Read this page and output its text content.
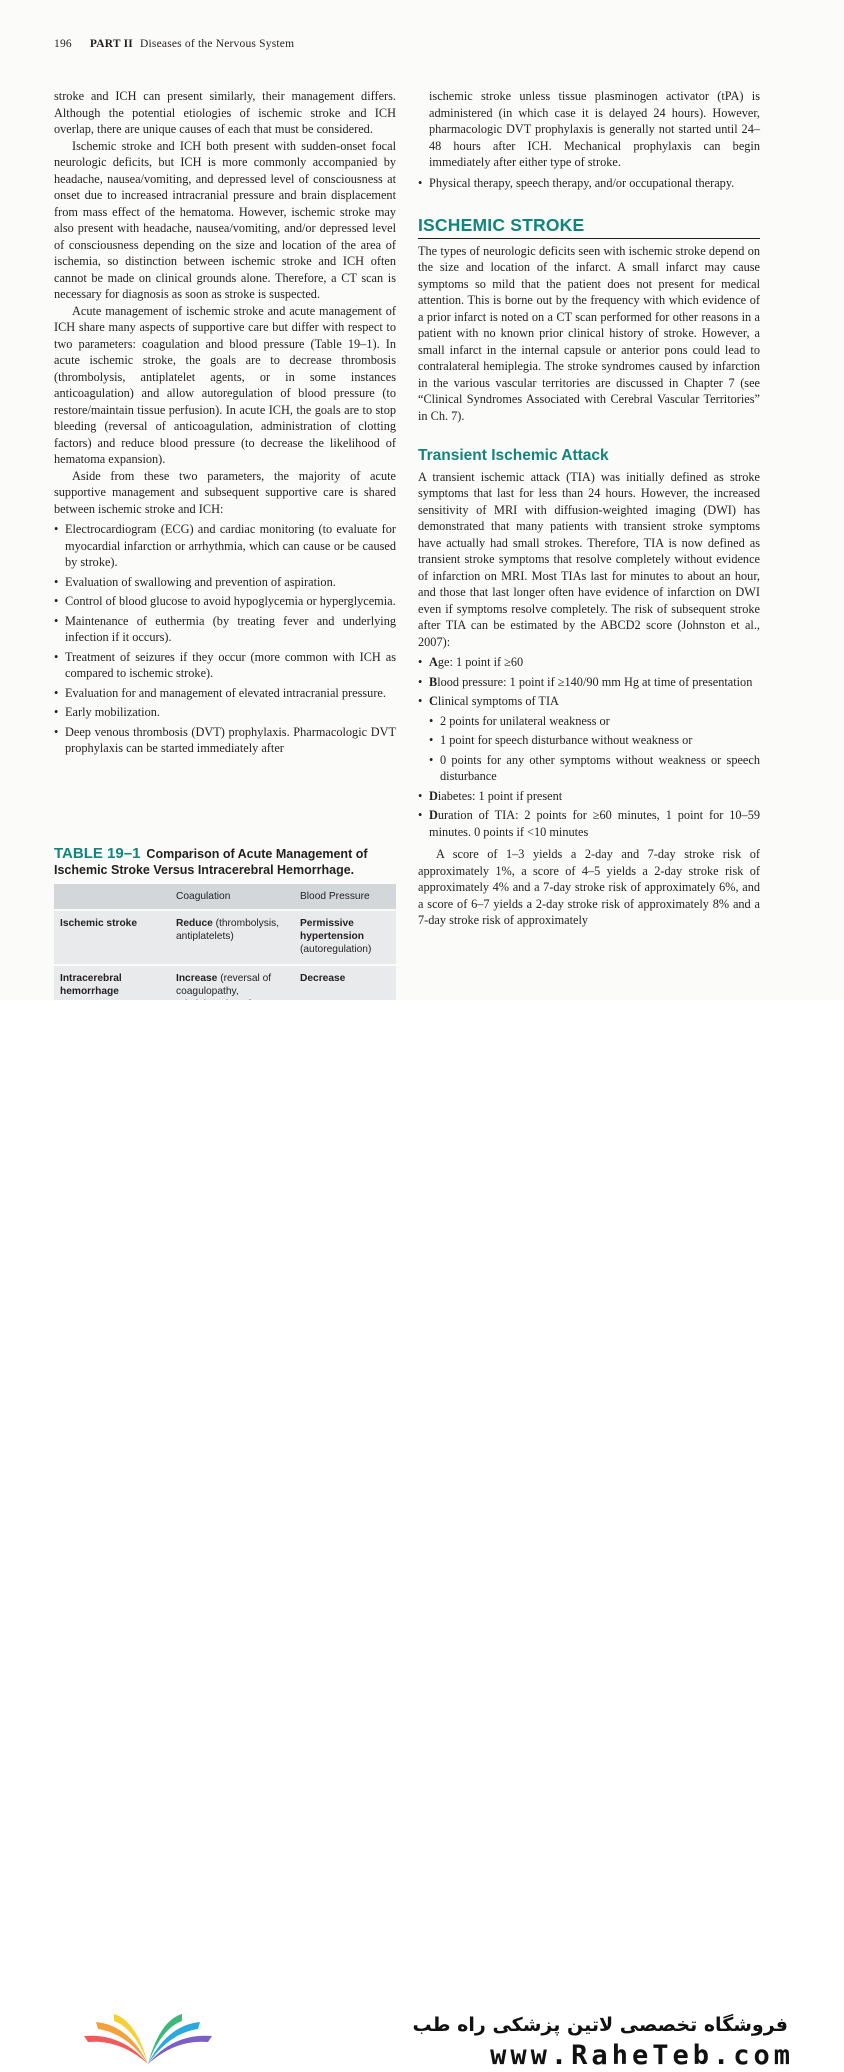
196 PART II Diseases of the Nervous System

stroke and ICH can present similarly, their management differs. Although the potential etiologies of ischemic stroke and ICH overlap, there are unique causes of each that must be considered.

Ischemic stroke and ICH both present with sudden-onset focal neurologic deficits, but ICH is more commonly accompanied by headache, nausea/vomiting, and depressed level of consciousness at onset due to increased intracranial pressure and brain displacement from mass effect of the hematoma. However, ischemic stroke may also present with headache, nausea/vomiting, and/or depressed level of consciousness depending on the size and location of the area of ischemia, so distinction between ischemic stroke and ICH often cannot be made on clinical grounds alone. Therefore, a CT scan is necessary for diagnosis as soon as stroke is suspected.

Acute management of ischemic stroke and acute management of ICH share many aspects of supportive care but differ with respect to two parameters: coagulation and blood pressure (Table 19–1). In acute ischemic stroke, the goals are to decrease thrombosis (thrombolysis, antiplatelet agents, or in some instances anticoagulation) and allow autoregulation of blood pressure (to restore/maintain tissue perfusion). In acute ICH, the goals are to stop bleeding (reversal of anticoagulation, administration of clotting factors) and reduce blood pressure (to decrease the likelihood of hematoma expansion).

Aside from these two parameters, the majority of acute supportive management and subsequent supportive care is shared between ischemic stroke and ICH:

• Electrocardiogram (ECG) and cardiac monitoring (to evaluate for myocardial infarction or arrhythmia, which can cause or be caused by stroke).
• Evaluation of swallowing and prevention of aspiration.
• Control of blood glucose to avoid hypoglycemia or hyperglycemia.
• Maintenance of euthermia (by treating fever and underlying infection if it occurs).
• Treatment of seizures if they occur (more common with ICH as compared to ischemic stroke).
• Evaluation for and management of elevated intracranial pressure.
• Early mobilization.
• Deep venous thrombosis (DVT) prophylaxis. Pharmacologic DVT prophylaxis can be started immediately after
TABLE 19–1 Comparison of Acute Management of Ischemic Stroke Versus Intracerebral Hemorrhage.
	Coagulation	Blood Pressure
Ischemic stroke	Reduce (thrombolysis, antiplatelets)	Permissive hypertension (autoregulation)
Intracerebral hemorrhage	Increase (reversal of coagulopathy,	Decrease

ischemic stroke unless tissue plasminogen activator (tPA) is administered (in which case it is delayed 24 hours). However, pharmacologic DVT prophylaxis is generally not started until 24–48 hours after ICH. Mechanical prophylaxis can begin immediately after either type of stroke.

• Physical therapy, speech therapy, and/or occupational therapy.
ISCHEMIC STROKE

The types of neurologic deficits seen with ischemic stroke depend on the size and location of the infarct. A small infarct may cause symptoms so mild that the patient does not present for medical attention. This is borne out by the frequency with which evidence of a prior infarct is noted on a CT scan performed for other reasons in a patient with no known prior clinical history of stroke. However, a small infarct in the internal capsule or anterior pons could lead to contralateral hemiplegia. The stroke syndromes caused by infarction in the various vascular territories are discussed in Chapter 7 (see “Clinical Syndromes Associated with Cerebral Vascular Territories” in Ch. 7).

Transient Ischemic Attack

A transient ischemic attack (TIA) was initially defined as stroke symptoms that last for less than 24 hours. However, the increased sensitivity of MRI with diffusion-weighted imaging (DWI) has demonstrated that many patients with transient stroke symptoms have actually had small strokes. Therefore, TIA is now defined as transient stroke symptoms that resolve completely without evidence of infarction on MRI. Most TIAs last for minutes to about an hour, and those that last longer often have evidence of infarction on DWI even if symptoms resolve completely. The risk of subsequent stroke after TIA can be estimated by the ABCD2 score (Johnston et al., 2007):

• Age: 1 point if ≥60
• Blood pressure: 1 point if ≥140/90 mm Hg at time of presentation
• Clinical symptoms of TIA
• 2 points for unilateral weakness or
• 1 point for speech disturbance without weakness or
• 0 points for any other symptoms without weakness or speech disturbance
• Diabetes: 1 point if present
• Duration of TIA: 2 points for ≥60 minutes, 1 point for 10–59 minutes. 0 points if <10 minutes

A score of 1–3 yields a 2-day and 7-day stroke risk of approximately 1%, a score of 4–5 yields a 2-day stroke risk of approximately 4% and a 7-day stroke risk of approximately 6%, and a score of 6–7 yields a 2-day stroke risk of approximately 8% and a 7-day stroke risk of approximately

فروشگاه تخصصی لاتین پزشکی راه طب
www.RaheTeb.com
